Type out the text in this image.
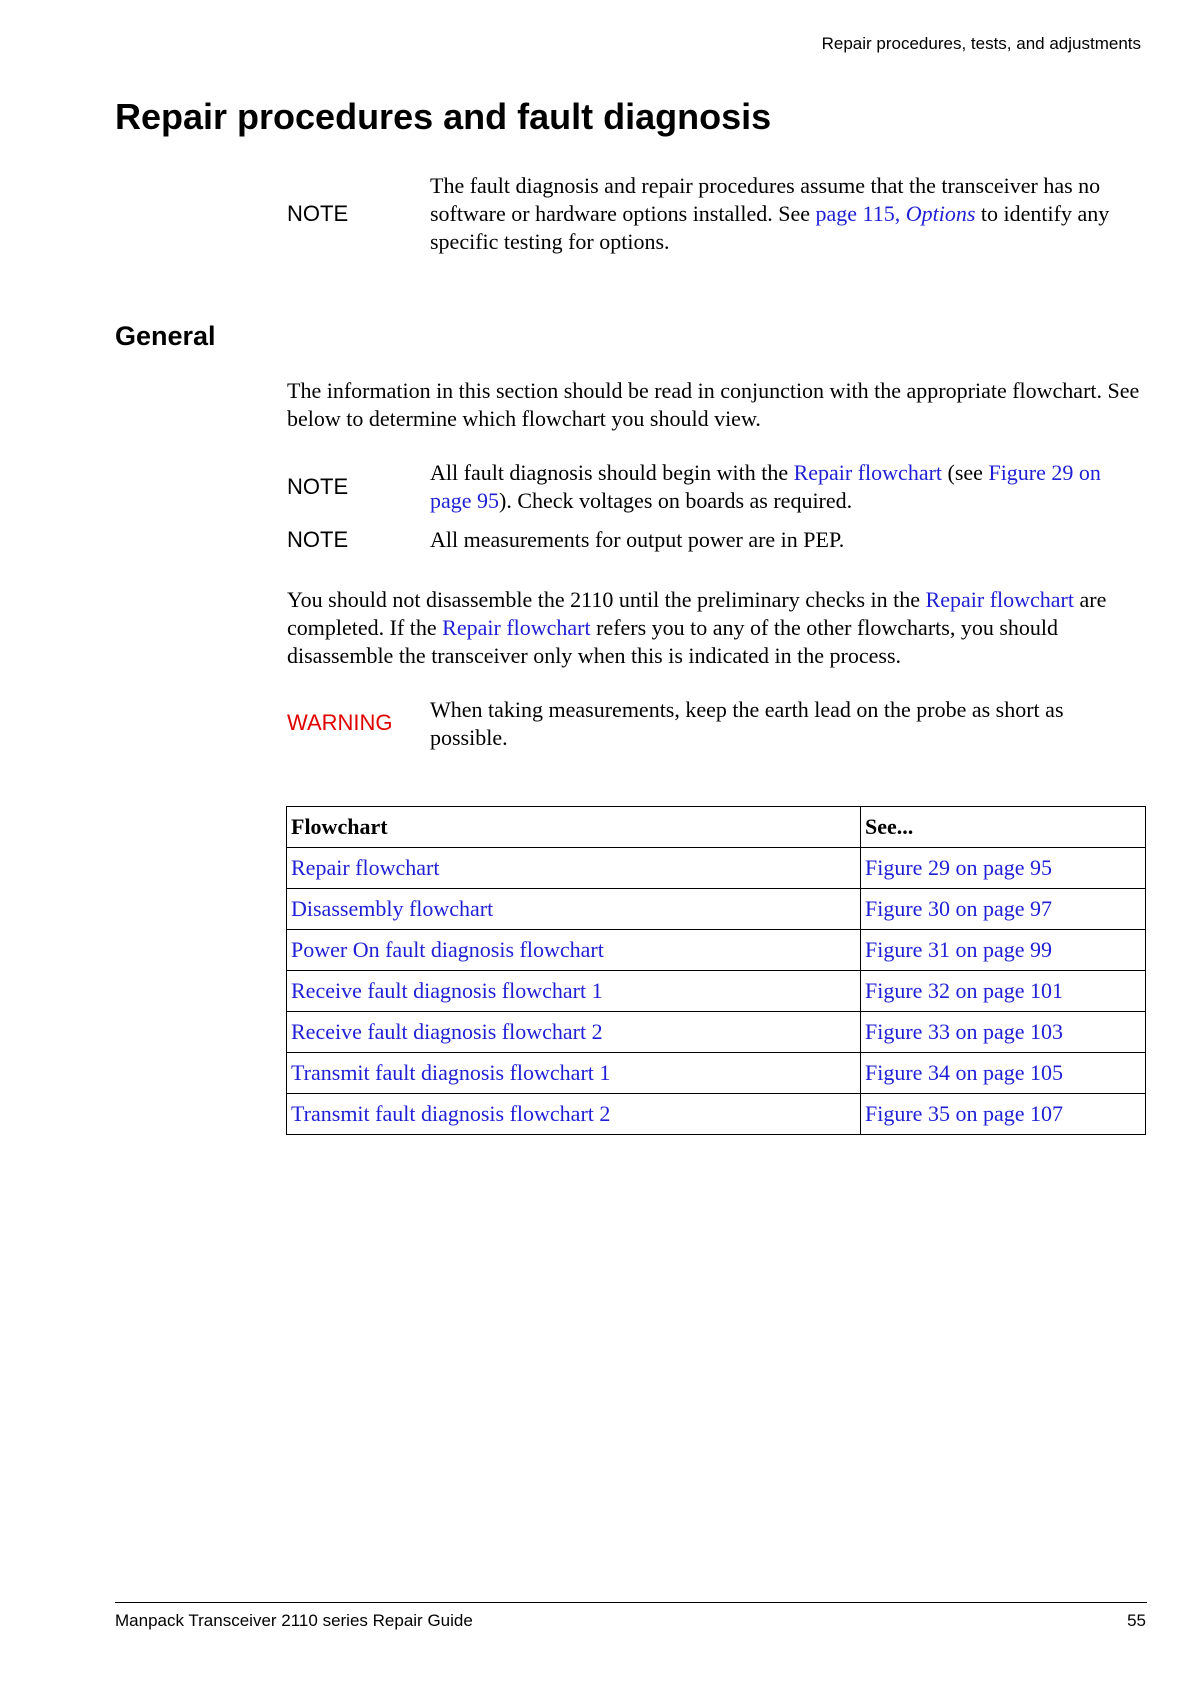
Repair procedures, tests, and adjustments
Repair procedures and fault diagnosis
NOTE
The fault diagnosis and repair procedures assume that the transceiver has no software or hardware options installed. See page 115, Options to identify any specific testing for options.
General

The information in this section should be read in conjunction with the appropriate flowchart. See below to determine which flowchart you should view.

NOTE
All fault diagnosis should begin with the Repair flowchart (see Figure 29 on page 95). Check voltages on boards as required.
NOTE	All measurements for output power are in PEP.

You should not disassemble the 2110 until the preliminary checks in the Repair flowchart are completed. If the Repair flowchart refers you to any of the other flowcharts, you should disassemble the transceiver only when this is indicated in the process.

WARNING
When taking measurements, keep the earth lead on the probe as short as possible.
Flowchart	See...
Repair flowchart	Figure 29 on page 95
Disassembly flowchart	Figure 30 on page 97
Power On fault diagnosis flowchart	Figure 31 on page 99
Receive fault diagnosis flowchart 1	Figure 32 on page 101
Receive fault diagnosis flowchart 2	Figure 33 on page 103
Transmit fault diagnosis flowchart 1	Figure 34 on page 105
Transmit fault diagnosis flowchart 2	Figure 35 on page 107
Manpack Transceiver 2110 series Repair Guide	55
